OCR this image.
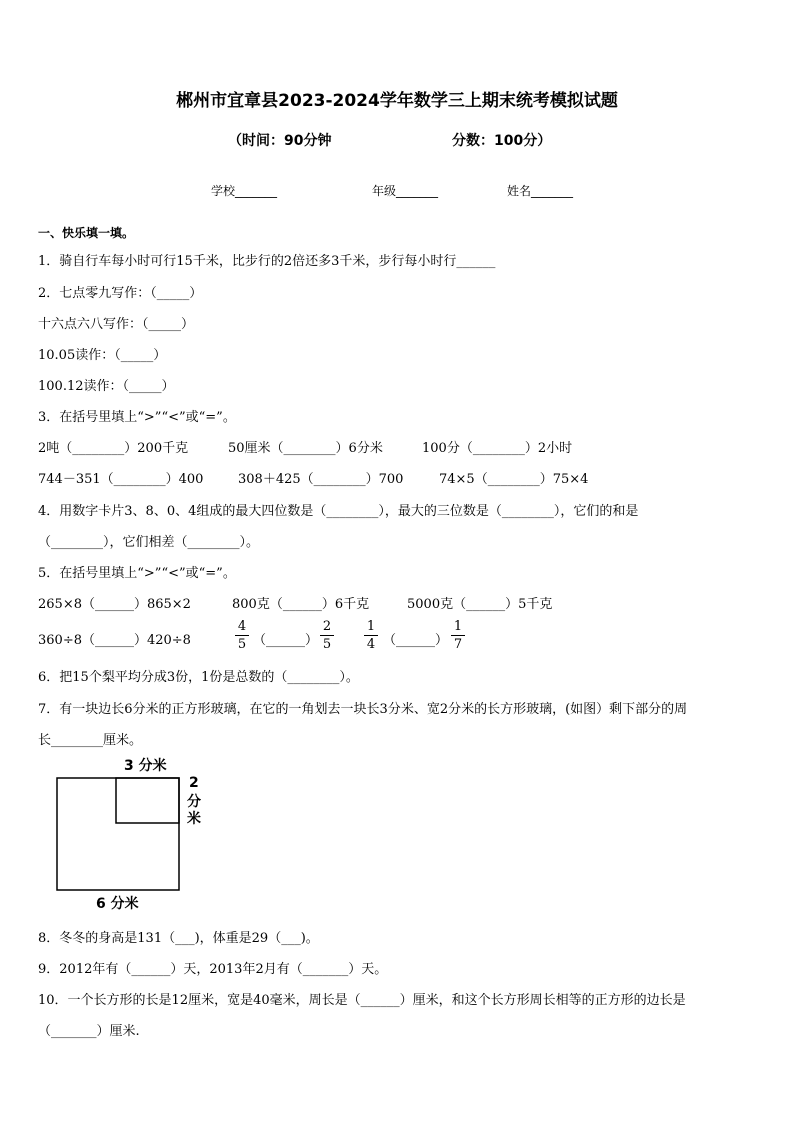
郴州市宜章县2023-2024学年数学三上期末统考模拟试题
（时间：90分钟	分数：100分）
学校_______	年级_______	姓名_______
一、快乐填一填。
1．骑自行车每小时可行15千米，比步行的2倍还多3千米，步行每小时行______
2．七点零九写作：（_____）
十六点六八写作：（_____）
10.05读作：（_____）
100.12读作：（_____）
3．在括号里填上“>”“<”或“=”。
2吨（________）200千克	50厘米（________）6分米	100分（________）2小时
744－351（________）400	308＋425（________）700	74×5（________）75×4
4．用数字卡片3、8、0、4组成的最大四位数是（________），最大的三位数是（________），它们的和是
（________），它们相差（________）。
5．在括号里填上“>”“<”或“=”。
265×8（______）865×2	800克（______）6千克	5000克（______）5千克
360÷8（______）420÷8
4
5 （______）
2
5
1
4 （______）
1
7
6．把15个梨平均分成3份，1份是总数的（________）。
7．有一块边长6分米的正方形玻璃，在它的一角划去一块长3分米、宽2分米的长方形玻璃，(如图）剩下部分的周
长________厘米。
3 分米
2
分
米
6 分米
8．冬冬的身高是131（___)，体重是29（___)。
9．2012年有（______）天，2013年2月有（_______）天。
10．一个长方形的长是12厘米，宽是40毫米，周长是（______）厘米，和这个长方形周长相等的正方形的边长是
（_______）厘米.
